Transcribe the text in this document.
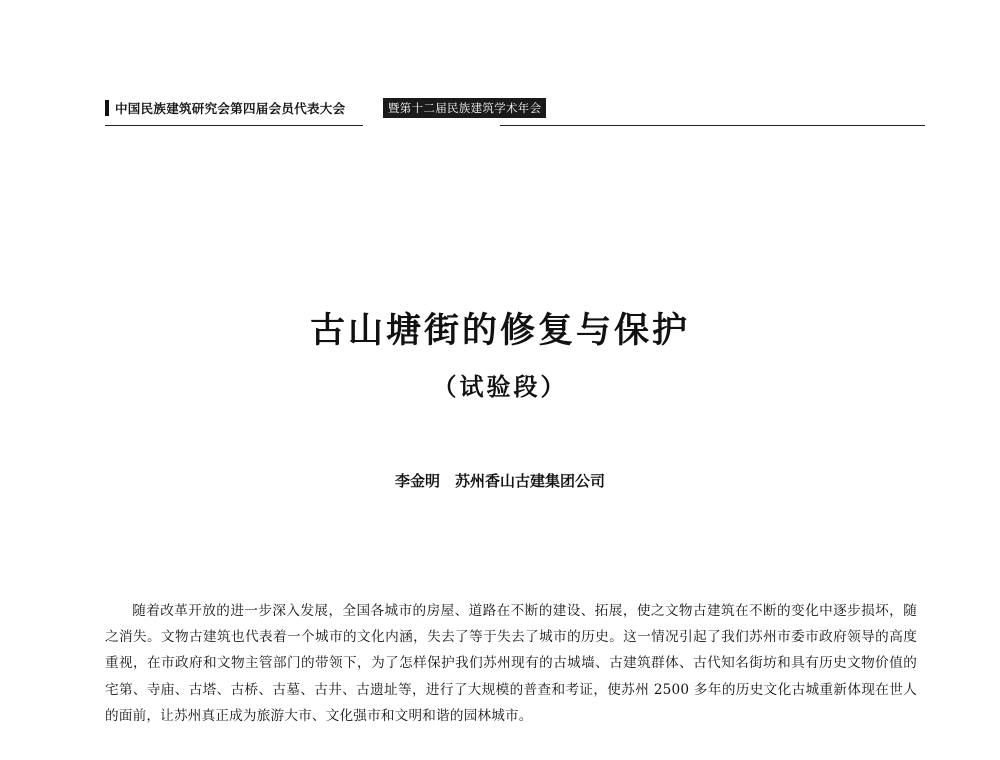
中国民族建筑研究会第四届会员代表大会	暨第十二届民族建筑学术年会
古山塘街的修复与保护
（试验段）
李金明　苏州香山古建集团公司

随着改革开放的进一步深入发展，全国各城市的房屋、道路在不断的建设、拓展，使之文物古建筑在不断的变化中逐步损坏，随之消失。文物古建筑也代表着一个城市的文化内涵，失去了等于失去了城市的历史。这一情况引起了我们苏州市委市政府领导的高度重视，在市政府和文物主管部门的带领下，为了怎样保护我们苏州现有的古城墙、古建筑群体、古代知名街坊和具有历史文物价值的宅第、寺庙、古塔、古桥、古墓、古井、古遗址等，进行了大规模的普查和考证，使苏州 2500 多年的历史文化古城重新体现在世人的面前，让苏州真正成为旅游大市、文化强市和文明和谐的园林城市。
